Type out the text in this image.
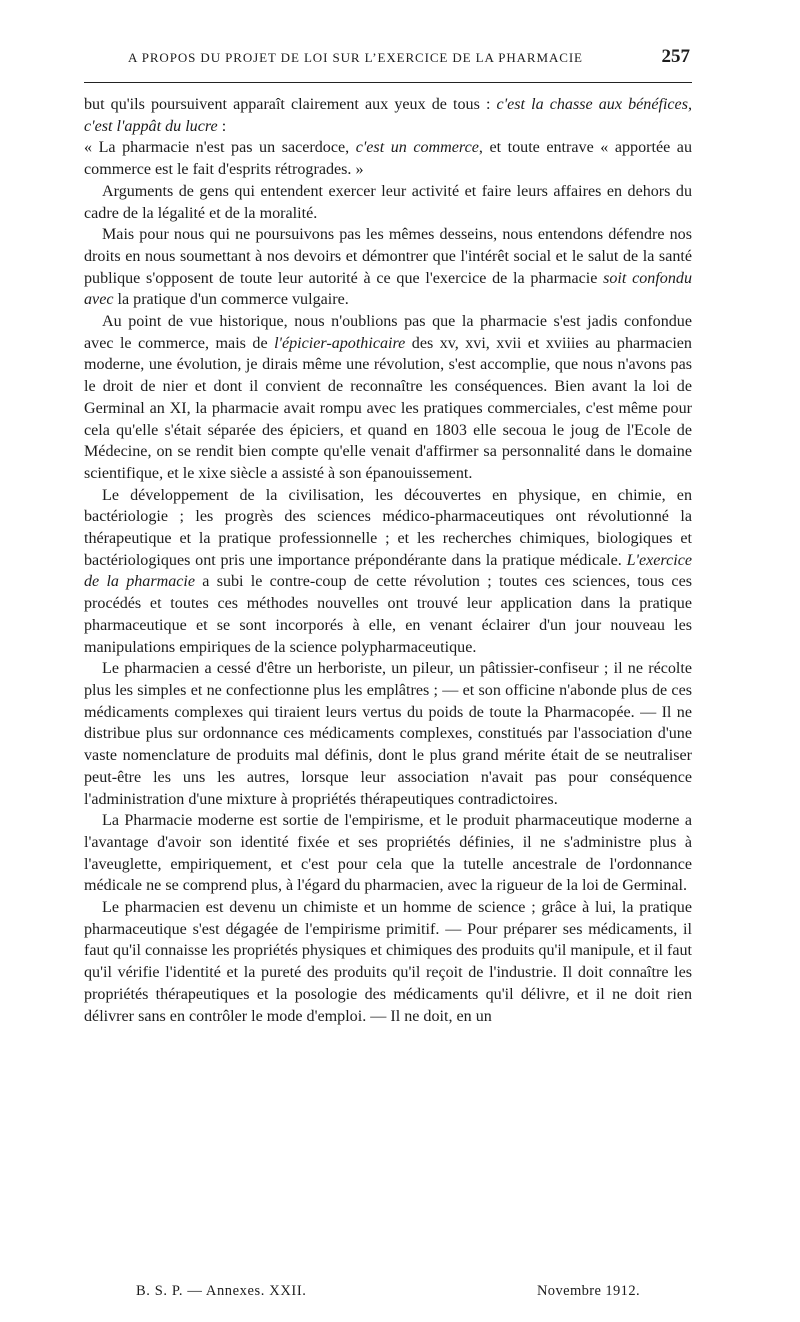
A PROPOS DU PROJET DE LOI SUR L’EXERCICE DE LA PHARMACIE	257

but qu'ils poursuivent apparaît clairement aux yeux de tous : c'est la chasse aux bénéfices, c'est l'appât du lucre :

« La pharmacie n'est pas un sacerdoce, c'est un commerce, et toute entrave « apportée au commerce est le fait d'esprits rétrogrades. »

Arguments de gens qui entendent exercer leur activité et faire leurs affaires en dehors du cadre de la légalité et de la moralité.

Mais pour nous qui ne poursuivons pas les mêmes desseins, nous entendons défendre nos droits en nous soumettant à nos devoirs et démontrer que l'intérêt social et le salut de la santé publique s'opposent de toute leur autorité à ce que l'exercice de la pharmacie soit confondu avec la pratique d'un commerce vulgaire.

Au point de vue historique, nous n'oublions pas que la pharmacie s'est jadis confondue avec le commerce, mais de l'épicier-apothicaire des xv, xvi, xvii et xviiies au pharmacien moderne, une évolution, je dirais même une révolution, s'est accomplie, que nous n'avons pas le droit de nier et dont il convient de reconnaître les conséquences. Bien avant la loi de Germinal an XI, la pharmacie avait rompu avec les pratiques commerciales, c'est même pour cela qu'elle s'était séparée des épiciers, et quand en 1803 elle secoua le joug de l'Ecole de Médecine, on se rendit bien compte qu'elle venait d'affirmer sa personnalité dans le domaine scientifique, et le xixe siècle a assisté à son épanouissement.

Le développement de la civilisation, les découvertes en physique, en chimie, en bactériologie ; les progrès des sciences médico-pharmaceutiques ont révolutionné la thérapeutique et la pratique professionnelle ; et les recherches chimiques, biologiques et bactériologiques ont pris une importance prépondérante dans la pratique médicale. L'exercice de la pharmacie a subi le contre-coup de cette révolution ; toutes ces sciences, tous ces procédés et toutes ces méthodes nouvelles ont trouvé leur application dans la pratique pharmaceutique et se sont incorporés à elle, en venant éclairer d'un jour nouveau les manipulations empiriques de la science polypharmaceutique.

Le pharmacien a cessé d'être un herboriste, un pileur, un pâtissier-confiseur ; il ne récolte plus les simples et ne confectionne plus les emplâtres ; — et son officine n'abonde plus de ces médicaments complexes qui tiraient leurs vertus du poids de toute la Pharmacopée. — Il ne distribue plus sur ordonnance ces médicaments complexes, constitués par l'association d'une vaste nomenclature de produits mal définis, dont le plus grand mérite était de se neutraliser peut-être les uns les autres, lorsque leur association n'avait pas pour conséquence l'administration d'une mixture à propriétés thérapeutiques contradictoires.

La Pharmacie moderne est sortie de l'empirisme, et le produit pharmaceutique moderne a l'avantage d'avoir son identité fixée et ses propriétés définies, il ne s'administre plus à l'aveuglette, empiriquement, et c'est pour cela que la tutelle ancestrale de l'ordonnance médicale ne se comprend plus, à l'égard du pharmacien, avec la rigueur de la loi de Germinal.

Le pharmacien est devenu un chimiste et un homme de science ; grâce à lui, la pratique pharmaceutique s'est dégagée de l'empirisme primitif. — Pour préparer ses médicaments, il faut qu'il connaisse les propriétés physiques et chimiques des produits qu'il manipule, et il faut qu'il vérifie l'identité et la pureté des produits qu'il reçoit de l'industrie. Il doit connaître les propriétés thérapeutiques et la posologie des médicaments qu'il délivre, et il ne doit rien délivrer sans en contrôler le mode d'emploi. — Il ne doit, en un

B. S. P. — Annexes. XXII.	Novembre 1912.
